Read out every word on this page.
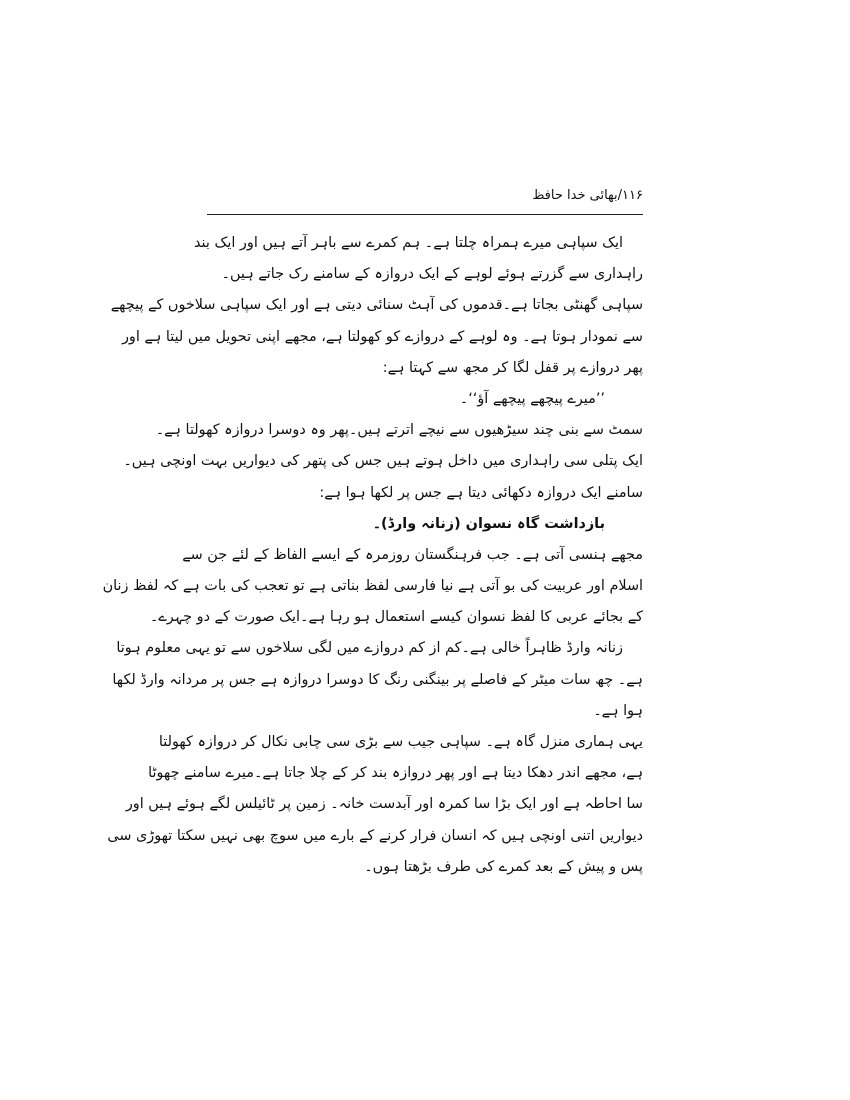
۱۱۶/بھائی خدا حافظ
ایک سپاہی میرے ہمراہ چلتا ہے۔ ہم کمرے سے باہر آتے ہیں اور ایک بند
راہداری سے گزرتے ہوئے لوہے کے ایک دروازہ کے سامنے رک جاتے ہیں۔
سپاہی گھنٹی بجاتا ہے۔قدموں کی آہٹ سنائی دیتی ہے اور ایک سپاہی سلاخوں کے پیچھے
سے نمودار ہوتا ہے۔ وہ لوہے کے دروازے کو کھولتا ہے، مجھے اپنی تحویل میں لیتا ہے اور
پھر دروازے پر قفل لگا کر مجھ سے کہتا ہے:
’’میرے پیچھے پیچھے آؤ‘‘۔
سمٹ سے بنی چند سیڑھیوں سے نیچے اترتے ہیں۔پھر وہ دوسرا دروازہ کھولتا ہے۔
ایک پتلی سی راہداری میں داخل ہوتے ہیں جس کی پتھر کی دیواریں بہت اونچی ہیں۔
سامنے ایک دروازہ دکھائی دیتا ہے جس پر لکھا ہوا ہے:
بازداشت گاہ نسوان (زنانہ وارڈ)۔
مجھے ہنسی آتی ہے۔ جب فرہنگستان روزمرہ کے ایسے الفاظ کے لئے جن سے
اسلام اور عربیت کی بو آتی ہے نیا فارسی لفظ بناتی ہے تو تعجب کی بات ہے کہ لفظ زنان
کے بجائے عربی کا لفظ نسوان کیسے استعمال ہو رہا ہے۔ایک صورت کے دو چہرے۔
زنانہ وارڈ ظاہراً خالی ہے۔کم از کم دروازے میں لگی سلاخوں سے تو یہی معلوم ہوتا
ہے۔ چھ سات میٹر کے فاصلے پر بینگنی رنگ کا دوسرا دروازہ ہے جس پر مردانہ وارڈ لکھا
ہوا ہے۔
یہی ہماری منزل گاہ ہے۔ سپاہی جیب سے بڑی سی چابی نکال کر دروازہ کھولتا
ہے، مجھے اندر دھکا دیتا ہے اور پھر دروازہ بند کر کے چلا جاتا ہے۔میرے سامنے چھوٹا
سا احاطہ ہے اور ایک بڑا سا کمرہ اور آبدست خانہ۔ زمین پر ٹائیلس لگے ہوئے ہیں اور
دیواریں اتنی اونچی ہیں کہ انسان فرار کرنے کے بارے میں سوچ بھی نہیں سکتا تھوڑی سی
پس و پیش کے بعد کمرے کی طرف بڑھتا ہوں۔
